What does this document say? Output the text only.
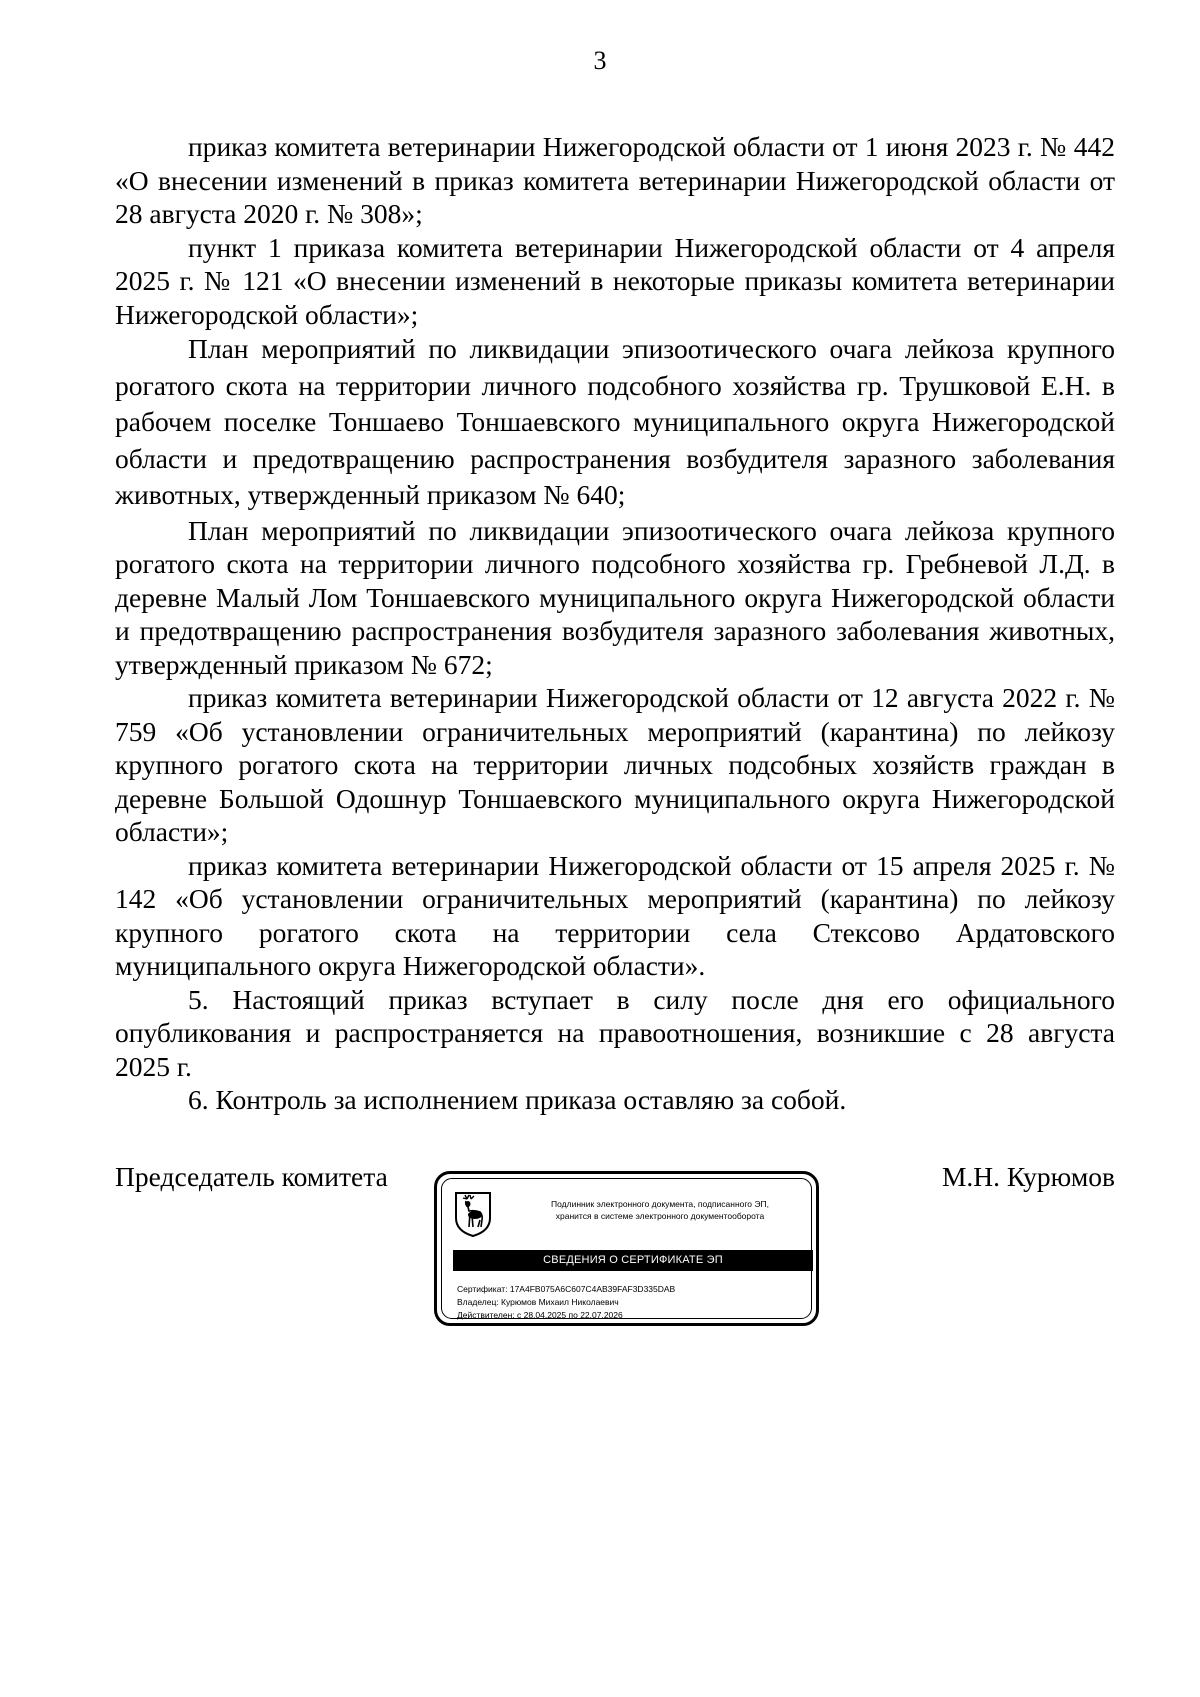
3

приказ комитета ветеринарии Нижегородской области от 1 июня 2023 г. № 442 «О внесении изменений в приказ комитета ветеринарии Нижегородской области от 28 августа 2020 г. № 308»;

пункт 1 приказа комитета ветеринарии Нижегородской области от 4 апреля 2025 г. № 121 «О внесении изменений в некоторые приказы комитета ветеринарии Нижегородской области»;

План мероприятий по ликвидации эпизоотического очага лейкоза крупного рогатого скота на территории личного подсобного хозяйства гр. Трушковой Е.Н. в рабочем поселке Тоншаево Тоншаевского муниципального округа Нижегородской области и предотвращению распространения возбудителя заразного заболевания животных, утвержденный приказом № 640;

План мероприятий по ликвидации эпизоотического очага лейкоза крупного рогатого скота на территории личного подсобного хозяйства гр. Гребневой Л.Д. в деревне Малый Лом Тоншаевского муниципального округа Нижегородской области и предотвращению распространения возбудителя заразного заболевания животных, утвержденный приказом № 672;

приказ комитета ветеринарии Нижегородской области от 12 августа 2022 г. № 759 «Об установлении ограничительных мероприятий (карантина) по лейкозу крупного рогатого скота на территории личных подсобных хозяйств граждан в деревне Большой Одошнур Тоншаевского муниципального округа Нижегородской области»;

приказ комитета ветеринарии Нижегородской области от 15 апреля 2025 г. № 142 «Об установлении ограничительных мероприятий (карантина) по лейкозу крупного рогатого скота на территории села Стексово Ардатовского муниципального округа Нижегородской области».

5. Настоящий приказ вступает в силу после дня его официального опубликования и распространяется на правоотношения, возникшие с 28 августа 2025 г.

6. Контроль за исполнением приказа оставляю за собой.

Председатель комитета	М.Н. Курюмов
Подлинник электронного документа, подписанного ЭП,
хранится в системе электронного документооборота
СВЕДЕНИЯ О СЕРТИФИКАТЕ ЭП
Сертификат: 17A4FB075A6C607C4AB39FAF3D335DAB
Владелец: Курюмов Михаил Николаевич
Действителен: с 28.04.2025 по 22.07.2026
